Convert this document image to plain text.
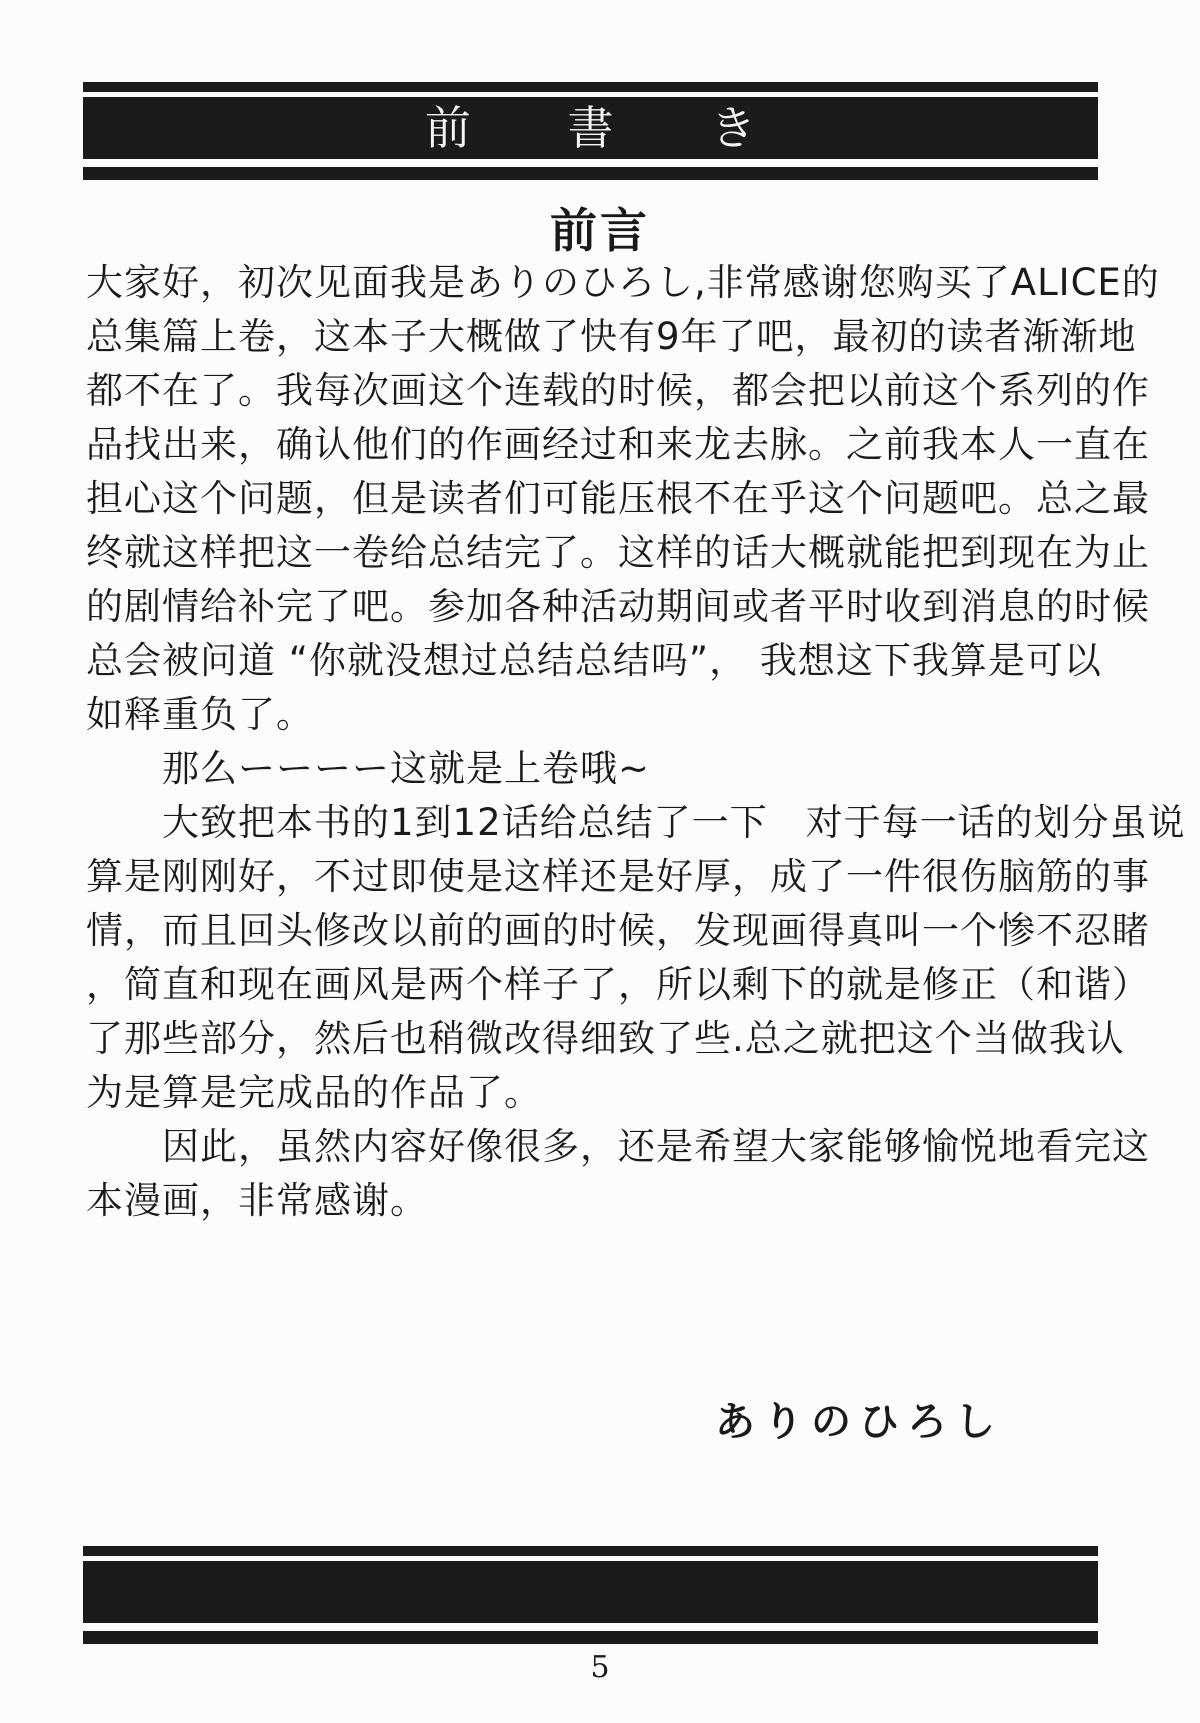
前　書　き
前言

大家好，初次见面我是ありのひろし,非常感谢您购买了ALICE的

总集篇上卷，这本子大概做了快有9年了吧，最初的读者渐渐地

都不在了。我每次画这个连载的时候，都会把以前这个系列的作

品找出来，确认他们的作画经过和来龙去脉。之前我本人一直在

担心这个问题，但是读者们可能压根不在乎这个问题吧。总之最

终就这样把这一卷给总结完了。这样的话大概就能把到现在为止

的剧情给补完了吧。参加各种活动期间或者平时收到消息的时候

总会被问道 “你就没想过总结总结吗”， 我想这下我算是可以

如释重负了。

那么ーーーー这就是上卷哦~

大致把本书的1到12话给总结了一下　对于每一话的划分虽说

算是刚刚好，不过即使是这样还是好厚，成了一件很伤脑筋的事

情，而且回头修改以前的画的时候，发现画得真叫一个惨不忍睹

，简直和现在画风是两个样子了，所以剩下的就是修正（和谐）

了那些部分，然后也稍微改得细致了些.总之就把这个当做我认

为是算是完成品的作品了。

因此，虽然内容好像很多，还是希望大家能够愉悦地看完这

本漫画，非常感谢。

ありのひろし
5
